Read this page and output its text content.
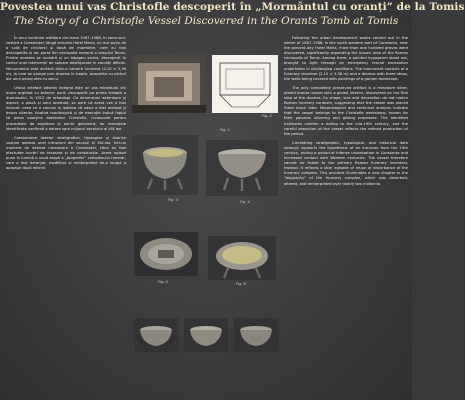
Povestea unui vas Christofle descoperit în „Mormântul cu oranți” de la Tomis
The Story of a Christofle Vessel Discovered in the Orants Tomb at Tomis

În anul lucrărilor edilitare din iarna 1987–1988, în zona sud-vestică a Constanței, lângă actualul Hotel Maria, nu mai puțin de o sută de cincizeci și două de morminte, care au fost descoperite și fac parte din necropola romană a orașului Tomis. Printre acestea se numără și un hipogeu pictat, descoperit în cadrul unei intervenții de salvare desfășurate în condiții dificile. Monumentul este alcătuit dintr-o cameră funerară (2,15 × 3,36 m), la care se ajunge prin dromos în trepte, acoperite cu picturi ale unui peisaj ales cu sacru.

Unicul artefact păstrat integral este un vas miniatural din bronz argintat cu brâncer aurit, descoperit pe prima treaptă a dromosului, în 1913 de arheologi. Ca dimensiuni exterioare și aspect, o placă și rolul acestuia, se pare că acest vas a fost înlocuit, ceea ce a condus la ipoteza că vasul a fost realizat și depus ulterior. Analiza morfologică și de execuție indică faptul că piesa aparține atelierelor Christofle, cunoscute pentru procedeele de argintare și aurire galvanică, iar marcajele identificate confirmă o datare spre mijlocul secolului al XIX-lea.

Coroborarea datelor stratigrafice, tipologice și istorice susține ipoteza unei intruziuni din secolul al XIX-lea, într-un moment de intensă urbanizare a Constanței, când au fost efectuate lucrări de terasare și de construcție. Acest episod pune în lumină o nouă etapă a „biografiei” complexului funerar, care a fost deranjat, modificat și reinterpretat de-a lungul a aproape două milenii.

Following the urban development works carried out in the winter of 1987–1988, in the south-western part of Constanța, near the present-day Hotel Maria, more than one hundred graves were discovered, significantly expanding the known area of the Roman necropolis of Tomis. Among them, a painted hypogeum stood out, brought to light through an emergency rescue excavation undertaken in challenging conditions. The monument consists of a funerary chamber (2.15 × 3.36 m) and a dromos with three steps, the walls being covered with paintings of a garden landscape.

The only completely preserved artifact is a miniature silver-plated bronze vessel with a gilded interior, discovered on the first step of the dromos. Its shape, size and decoration do not match Roman funerary contexts, suggesting that the vessel was placed there much later. Morphological and technical analysis indicate that the vessel belongs to the Christofle workshops, known for their galvanic silvering and gilding processes. The identified hallmarks confirm a dating to the mid-19th century, and the careful execution of the vessel reflects the refined production of the period.

Correlating stratigraphic, typological, and historical data strongly supports the hypothesis of an intrusion from the 19th century, during a period of intense urbanization in Constanța and increased contact with Western centuries. The vessel therefore cannot be linked to the primary Roman funerary inventory. Instead, it reflects a later episode of reuse or disturbance of the funerary complex. This accident illuminates a new chapter in the "biography" of the funerary complex, which was disturbed, altered, and reinterpreted over nearly two millennia.

Fig. 1
Fig. 3
Fig. 5	Fig. 6
Fig. 2
Fig. 4
